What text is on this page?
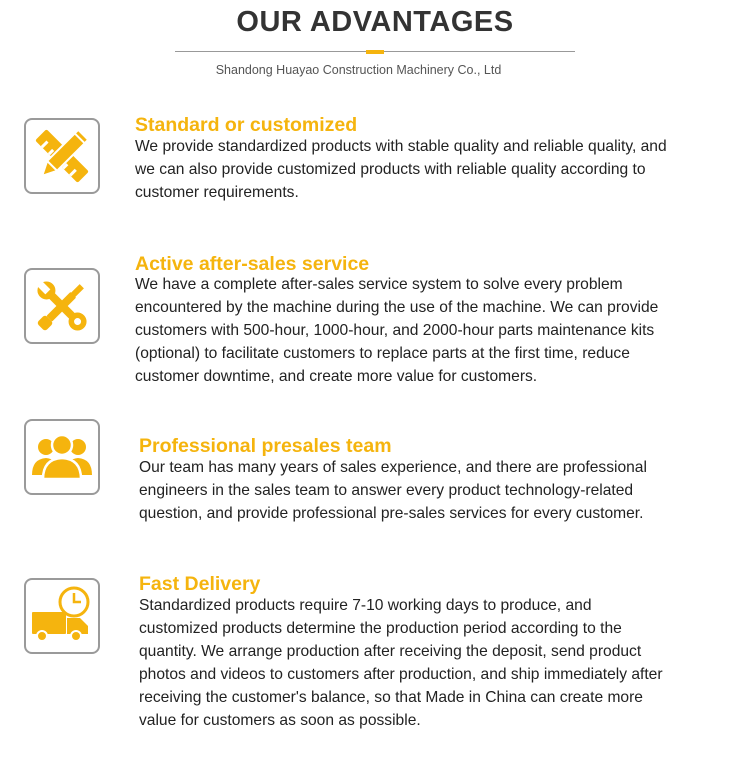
OUR ADVANTAGES
Shandong Huayao Construction Machinery Co., Ltd
Standard or customized
We provide standardized products with stable quality and reliable quality, and
we can also provide customized products with reliable quality according to
customer requirements.
Active after-sales service
We have a complete after-sales service system to solve every problem
encountered by the machine during the use of the machine. We can provide
customers with 500-hour, 1000-hour, and 2000-hour parts maintenance kits
(optional) to facilitate customers to replace parts at the first time, reduce
customer downtime, and create more value for customers.
Professional presales team
Our team has many years of sales experience, and there are professional
engineers in the sales team to answer every product technology-related
question, and provide professional pre-sales services for every customer.
Fast Delivery
Standardized products require 7-10 working days to produce, and
customized products determine the production period according to the
quantity. We arrange production after receiving the deposit, send product
photos and videos to customers after production, and ship immediately after
receiving the customer's balance, so that Made in China can create more
value for customers as soon as possible.
